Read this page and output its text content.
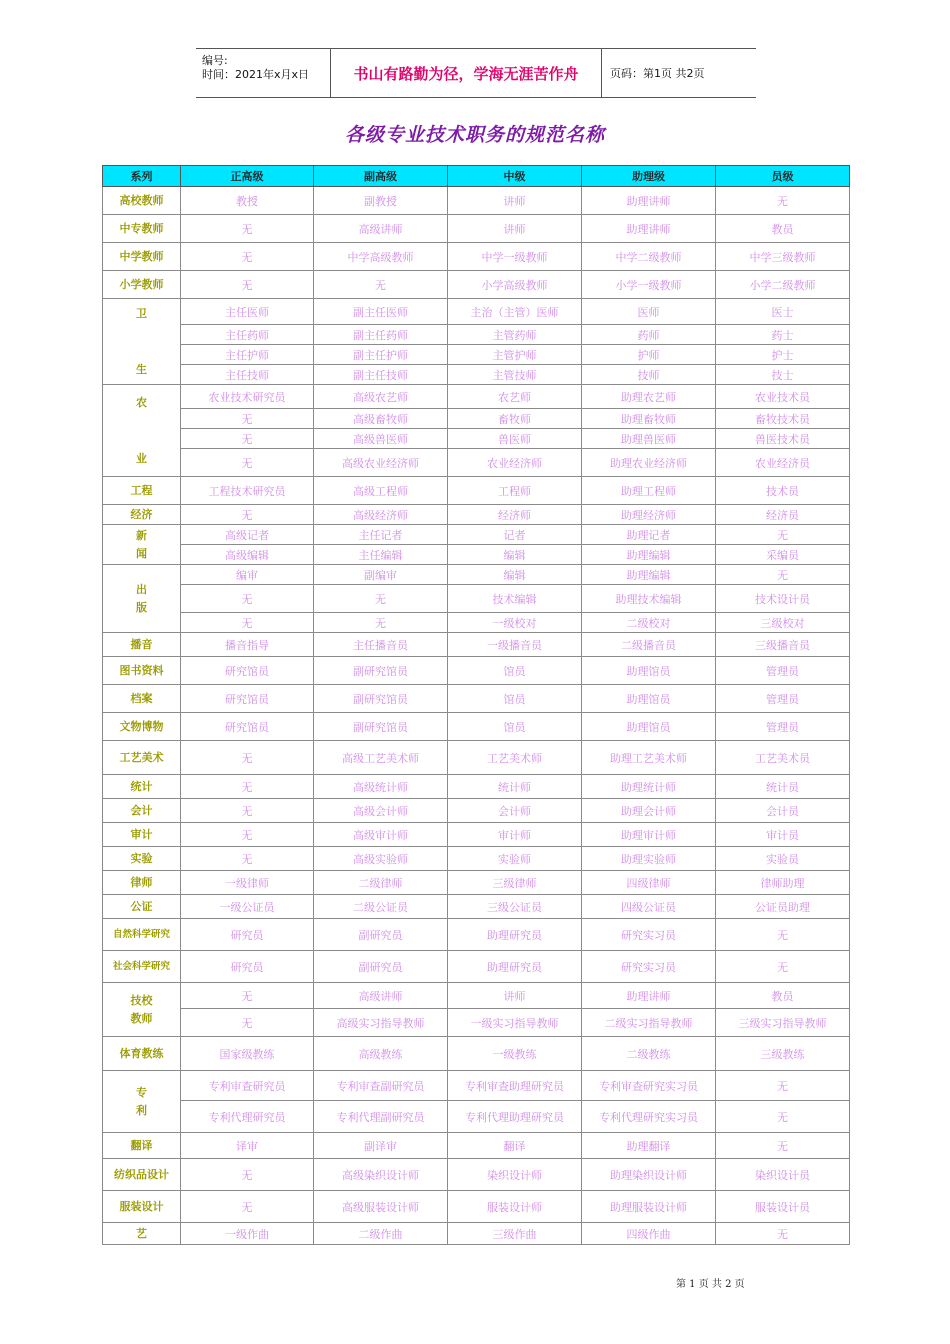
编号:
时间：2021年x月x日	书山有路勤为径，学海无涯苦作舟	页码：第1页 共2页
各级专业技术职务的规范名称
系列	正高级	副高级	中级	助理级	员级
高校教师	教授	副教授	讲师	助理讲师	无
中专教师	无	高级讲师	讲师	助理讲师	教员
中学教师	无	中学高级教师	中学一级教师	中学二级教师	中学三级教师
小学教师	无	无	小学高级教师	小学一级教师	小学二级教师
卫

生	主任医师	副主任医师	主治（主管）医师	医师	医士
	主任药师	副主任药师	主管药师	药师	药士
	主任护师	副主任护师	主管护师	护师	护士
	主任技师	副主任技师	主管技师	技师	技士
农

业	农业技术研究员	高级农艺师	农艺师	助理农艺师	农业技术员
	无	高级畜牧师	畜牧师	助理畜牧师	畜牧技术员
	无	高级兽医师	兽医师	助理兽医师	兽医技术员
	无	高级农业经济师	农业经济师	助理农业经济师	农业经济员
工程	工程技术研究员	高级工程师	工程师	助理工程师	技术员
经济	无	高级经济师	经济师	助理经济师	经济员
新
闻	高级记者	主任记者	记者	助理记者	无
	高级编辑	主任编辑	编辑	助理编辑	采编员
出
版	编审	副编审	编辑	助理编辑	无
	无	无	技术编辑	助理技术编辑	技术设计员
	无	无	一级校对	二级校对	三级校对
播音	播音指导	主任播音员	一级播音员	二级播音员	三级播音员
图书资料	研究馆员	副研究馆员	馆员	助理馆员	管理员
档案	研究馆员	副研究馆员	馆员	助理馆员	管理员
文物博物	研究馆员	副研究馆员	馆员	助理馆员	管理员
工艺美术	无	高级工艺美术师	工艺美术师	助理工艺美术师	工艺美术员
统计	无	高级统计师	统计师	助理统计师	统计员
会计	无	高级会计师	会计师	助理会计师	会计员
审计	无	高级审计师	审计师	助理审计师	审计员
实验	无	高级实验师	实验师	助理实验师	实验员
律师	一级律师	二级律师	三级律师	四级律师	律师助理
公证	一级公证员	二级公证员	三级公证员	四级公证员	公证员助理
自然科学研究	研究员	副研究员	助理研究员	研究实习员	无
社会科学研究	研究员	副研究员	助理研究员	研究实习员	无
技校
教师	无	高级讲师	讲师	助理讲师	教员
	无	高级实习指导教师	一级实习指导教师	二级实习指导教师	三级实习指导教师
体育教练	国家级教练	高级教练	一级教练	二级教练	三级教练
专
利	专利审查研究员	专利审查副研究员	专利审查助理研究员	专利审查研究实习员	无
	专利代理研究员	专利代理副研究员	专利代理助理研究员	专利代理研究实习员	无
翻译	译审	副译审	翻译	助理翻译	无
纺织品设计	无	高级染织设计师	染织设计师	助理染织设计师	染织设计员
服装设计	无	高级服装设计师	服装设计师	助理服装设计师	服装设计员
艺	一级作曲	二级作曲	三级作曲	四级作曲	无
第 1 页 共 2 页
